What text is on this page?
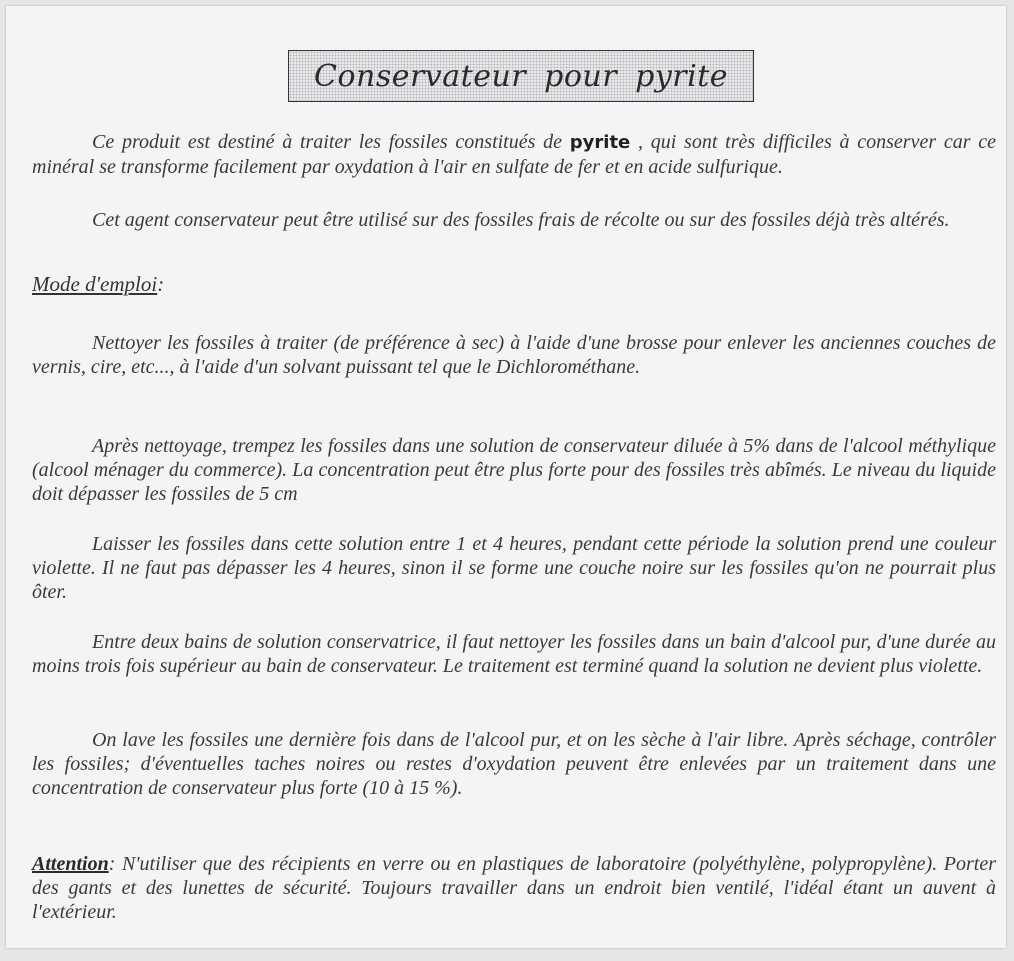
Conservateur pour pyrite

Ce produit est destiné à traiter les fossiles constitués de pyrite , qui sont très difficiles à conserver car ce minéral se transforme facilement par oxydation à l'air en sulfate de fer et en acide sulfurique.

Cet agent conservateur peut être utilisé sur des fossiles frais de récolte ou sur des fossiles déjà très altérés.

Mode d'emploi:

Nettoyer les fossiles à traiter (de préférence à sec) à l'aide d'une brosse pour enlever les anciennes couches de vernis, cire, etc..., à l'aide d'un solvant puissant tel que le Dichlorométhane.

Après nettoyage, trempez les fossiles dans une solution de conservateur diluée à 5% dans de l'alcool méthylique (alcool ménager du commerce). La concentration peut être plus forte pour des fossiles très abîmés. Le niveau du liquide doit dépasser les fossiles de 5 cm

Laisser les fossiles dans cette solution entre 1 et 4 heures, pendant cette période la solution prend une couleur violette. Il ne faut pas dépasser les 4 heures, sinon il se forme une couche noire sur les fossiles qu'on ne pourrait plus ôter.

Entre deux bains de solution conservatrice, il faut nettoyer les fossiles dans un bain d'alcool pur, d'une durée au moins trois fois supérieur au bain de conservateur. Le traitement est terminé quand la solution ne devient plus violette.

On lave les fossiles une dernière fois dans de l'alcool pur, et on les sèche à l'air libre. Après séchage, contrôler les fossiles; d'éventuelles taches noires ou restes d'oxydation peuvent être enlevées par un traitement dans une concentration de conservateur plus forte (10 à 15 %).

Attention: N'utiliser que des récipients en verre ou en plastiques de laboratoire (polyéthylène, polypropylène). Porter des gants et des lunettes de sécurité. Toujours travailler dans un endroit bien ventilé, l'idéal étant un auvent à l'extérieur.
